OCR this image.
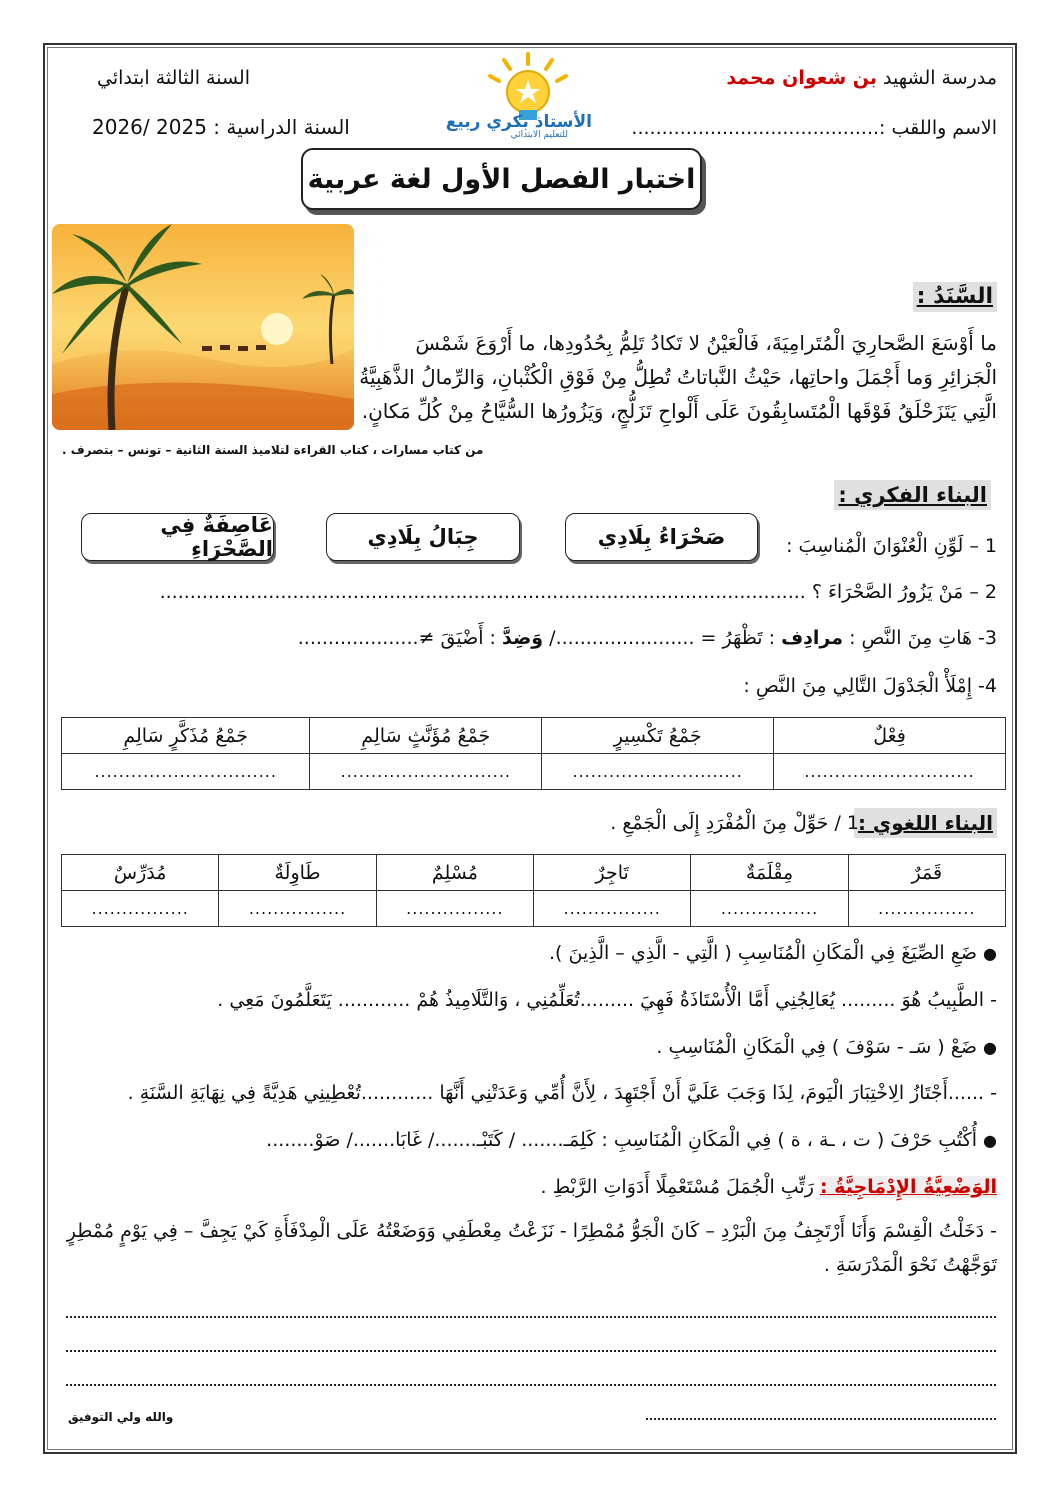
مدرسة الشهيد بن شعوان محمد
السنة الثالثة ابتدائي
الاسم واللقب :.........................................
السنة الدراسية : 2025 /2026	الأستاذ بكري ربيع
للتعليم الابتدائي
اختبار الفصل الأول لغة عربية
السَّنَدُ :
ما أَوْسَعَ الصَّحارِيَ الْمُتَرامِيَةَ، فَالْعَيْنُ لا تَكادُ تَلِمُّ بِحُدُودِها، ما أَرْوَعَ شَمْسَ
الْجَزائِرِ وَما أَجْمَلَ واحاتِها، حَيْثُ النَّباتاتُ تُطِلُّ مِنْ فَوْقِ الْكُثْبانِ، وَالرِّمالُ الذَّهَبِيَّةُ
الَّتِي يَتَزَحْلَقُ فَوْقَها الْمُتَسابِقُونَ عَلَى أَلْواحِ تَزَلُّجٍ، وَيَزُورُها السُّيَّاحُ مِنْ كُلِّ مَكانٍ.
من كتاب مسارات ، كتاب القراءة لتلاميذ السنة الثانية – تونس – بتصرف .
البناء الفكري :
1 – لَوِّنِ الْعُنْوَانَ الْمُناسِبَ :
صَحْرَاءُ بِلَادِي
جِبَالُ بِلَادِي
عَاصِفَةٌ فِي الصَّحْرَاءِ
2 – مَنْ يَزُورُ الصَّحْرَاءَ ؟ ...........................................................................................................
3- هَاتِ مِنَ النَّصِ : مرادِف : تَظْهَرُ = ......................./ وَضِدَّ : أَضْيَقَ ≠....................
4- إِمْلَأْ الْجَدْوَلَ التَّالِي مِنَ النَّصِ :
فِعْلٌ	جَمْعُ تَكْسِيرٍ	جَمْعُ مُؤَنَّثٍ سَالِمِ	جَمْعُ مُذَكَّرٍ سَالِمِ
............................	............................	............................	..............................
البناء اللغوي :
1 / حَوِّلْ مِنَ الْمُفْرَدِ إِلَى الْجَمْعِ .
قَمَرٌ	مِقْلَمَةٌ	تَاجِرٌ	مُسْلِمٌ	طَاوِلَةٌ	مُدَرِّسٌ
................	................	................	................	................	................
● ضَعِ الصِّيَغَ فِي الْمَكَانِ الْمُنَاسِبِ ( الَّتِي - الَّذِي – الَّذِينَ ).
- الطَّبِيبُ هُوَ ......... يُعَالِجُنِي أَمَّا الْأُسْتَاذَةُ فَهِيَ .........تُعَلِّمُنِي ، وَالتَّلَامِيذُ هُمْ ............ يَتَعَلَّمُونَ مَعِي .
● ضَعْ ( سَـ - سَوْفَ ) فِي الْمَكَانِ الْمُنَاسِبِ .
- ......أَجْتَازُ الِاخْتِبَارَ الْيَومَ، لِذَا وَجَبَ عَلَيَّ أَنْ أَجْتَهِدَ ، لِأَنَّ أُمِّي وَعَدَتْنِي أَنَّهَا ............تُعْطِينِي هَدِيَّةً فِي نِهَايَةِ السَّنَةِ .
● أُكْتُبِ حَرْفَ ( ت ، ـة ، ة ) فِي الْمَكَانِ الْمُنَاسِبِ : كَلِمَـ....... / كَتَبْـ......./ غَابَا......./ صَوْ........
الوَضْعِيَّةُ الإِدْمَاجِيَّةُ : رَتِّبِ الْجُمَلَ مُسْتَعْمِلًا أَدَوَاتِ الرَّبْطِ .
- دَخَلْتُ الْقِسْمَ وَأَنَا أَرْتَجِفُ مِنَ الْبَرْدِ – كَانَ الْجَوُّ مُمْطِرًا - نَزَعْتُ مِعْطَفِي وَوَضَعْتُهُ عَلَى الْمِدْفَأَةِ كَيْ يَجِفَّ – فِي يَوْمٍ مُمْطِرٍ
تَوَجَّهْتُ نَحْوَ الْمَدْرَسَةِ .
والله ولي التوفيق
